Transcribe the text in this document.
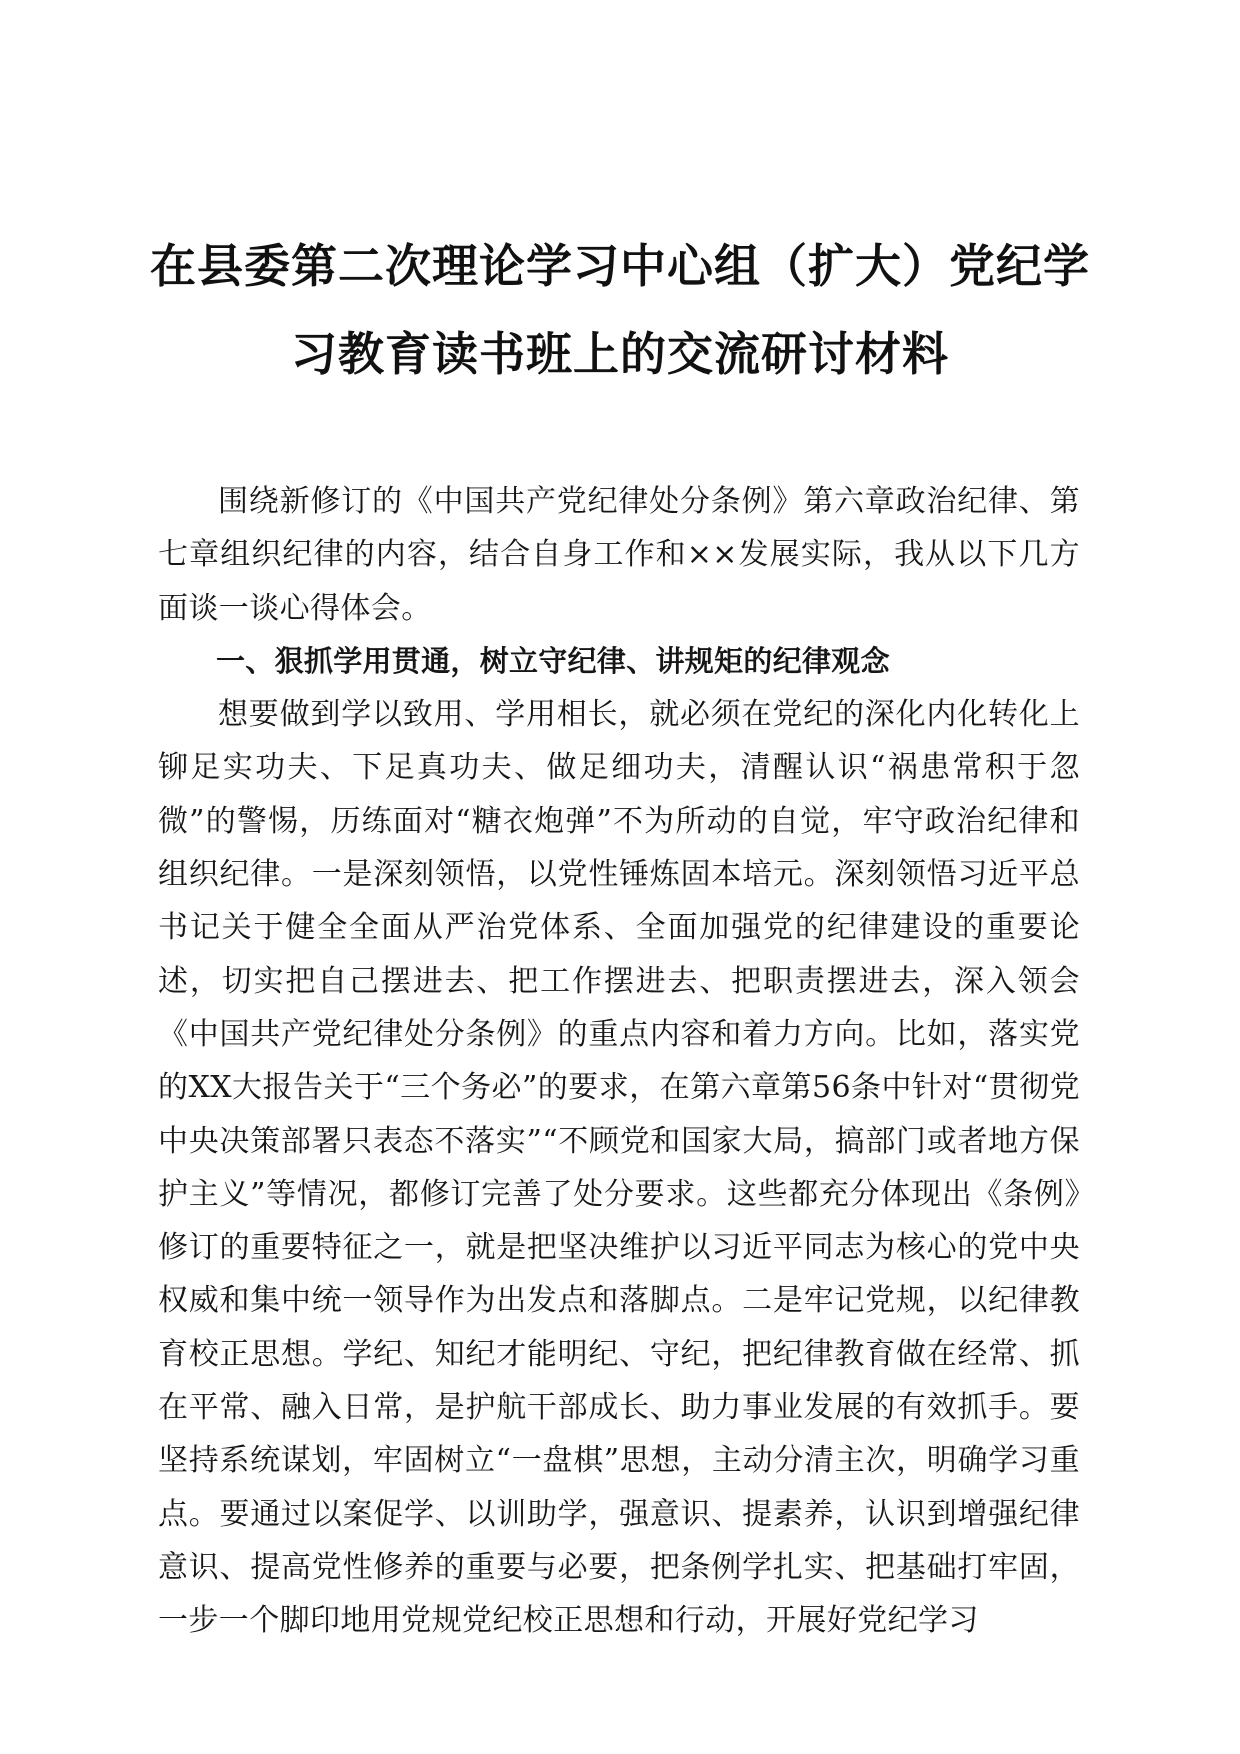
在县委第二次理论学习中心组（扩大）党纪学
习教育读书班上的交流研讨材料

围绕新修订的《中国共产党纪律处分条例》第六章政治纪律、第七章组织纪律的内容，结合自身工作和××发展实际，我从以下几方面谈一谈心得体会。

一、狠抓学用贯通，树立守纪律、讲规矩的纪律观念

想要做到学以致用、学用相长，就必须在党纪的深化内化转化上铆足实功夫、下足真功夫、做足细功夫，清醒认识“祸患常积于忽微”的警惕，历练面对“糖衣炮弹”不为所动的自觉，牢守政治纪律和组织纪律。一是深刻领悟，以党性锤炼固本培元。深刻领悟习近平总书记关于健全全面从严治党体系、全面加强党的纪律建设的重要论述，切实把自己摆进去、把工作摆进去、把职责摆进去，深入领会《中国共产党纪律处分条例》的重点内容和着力方向。比如，落实党的XX大报告关于“三个务必”的要求，在第六章第56条中针对“贯彻党中央决策部署只表态不落实”“不顾党和国家大局，搞部门或者地方保护主义”等情况，都修订完善了处分要求。这些都充分体现出《条例》修订的重要特征之一，就是把坚决维护以习近平同志为核心的党中央权威和集中统一领导作为出发点和落脚点。二是牢记党规，以纪律教育校正思想。学纪、知纪才能明纪、守纪，把纪律教育做在经常、抓在平常、融入日常，是护航干部成长、助力事业发展的有效抓手。要坚持系统谋划，牢固树立“一盘棋”思想，主动分清主次，明确学习重点。要通过以案促学、以训助学，强意识、提素养，认识到增强纪律意识、提高党性修养的重要与必要，把条例学扎实、把基础打牢固，一步一个脚印地用党规党纪校正思想和行动，开展好党纪学习
